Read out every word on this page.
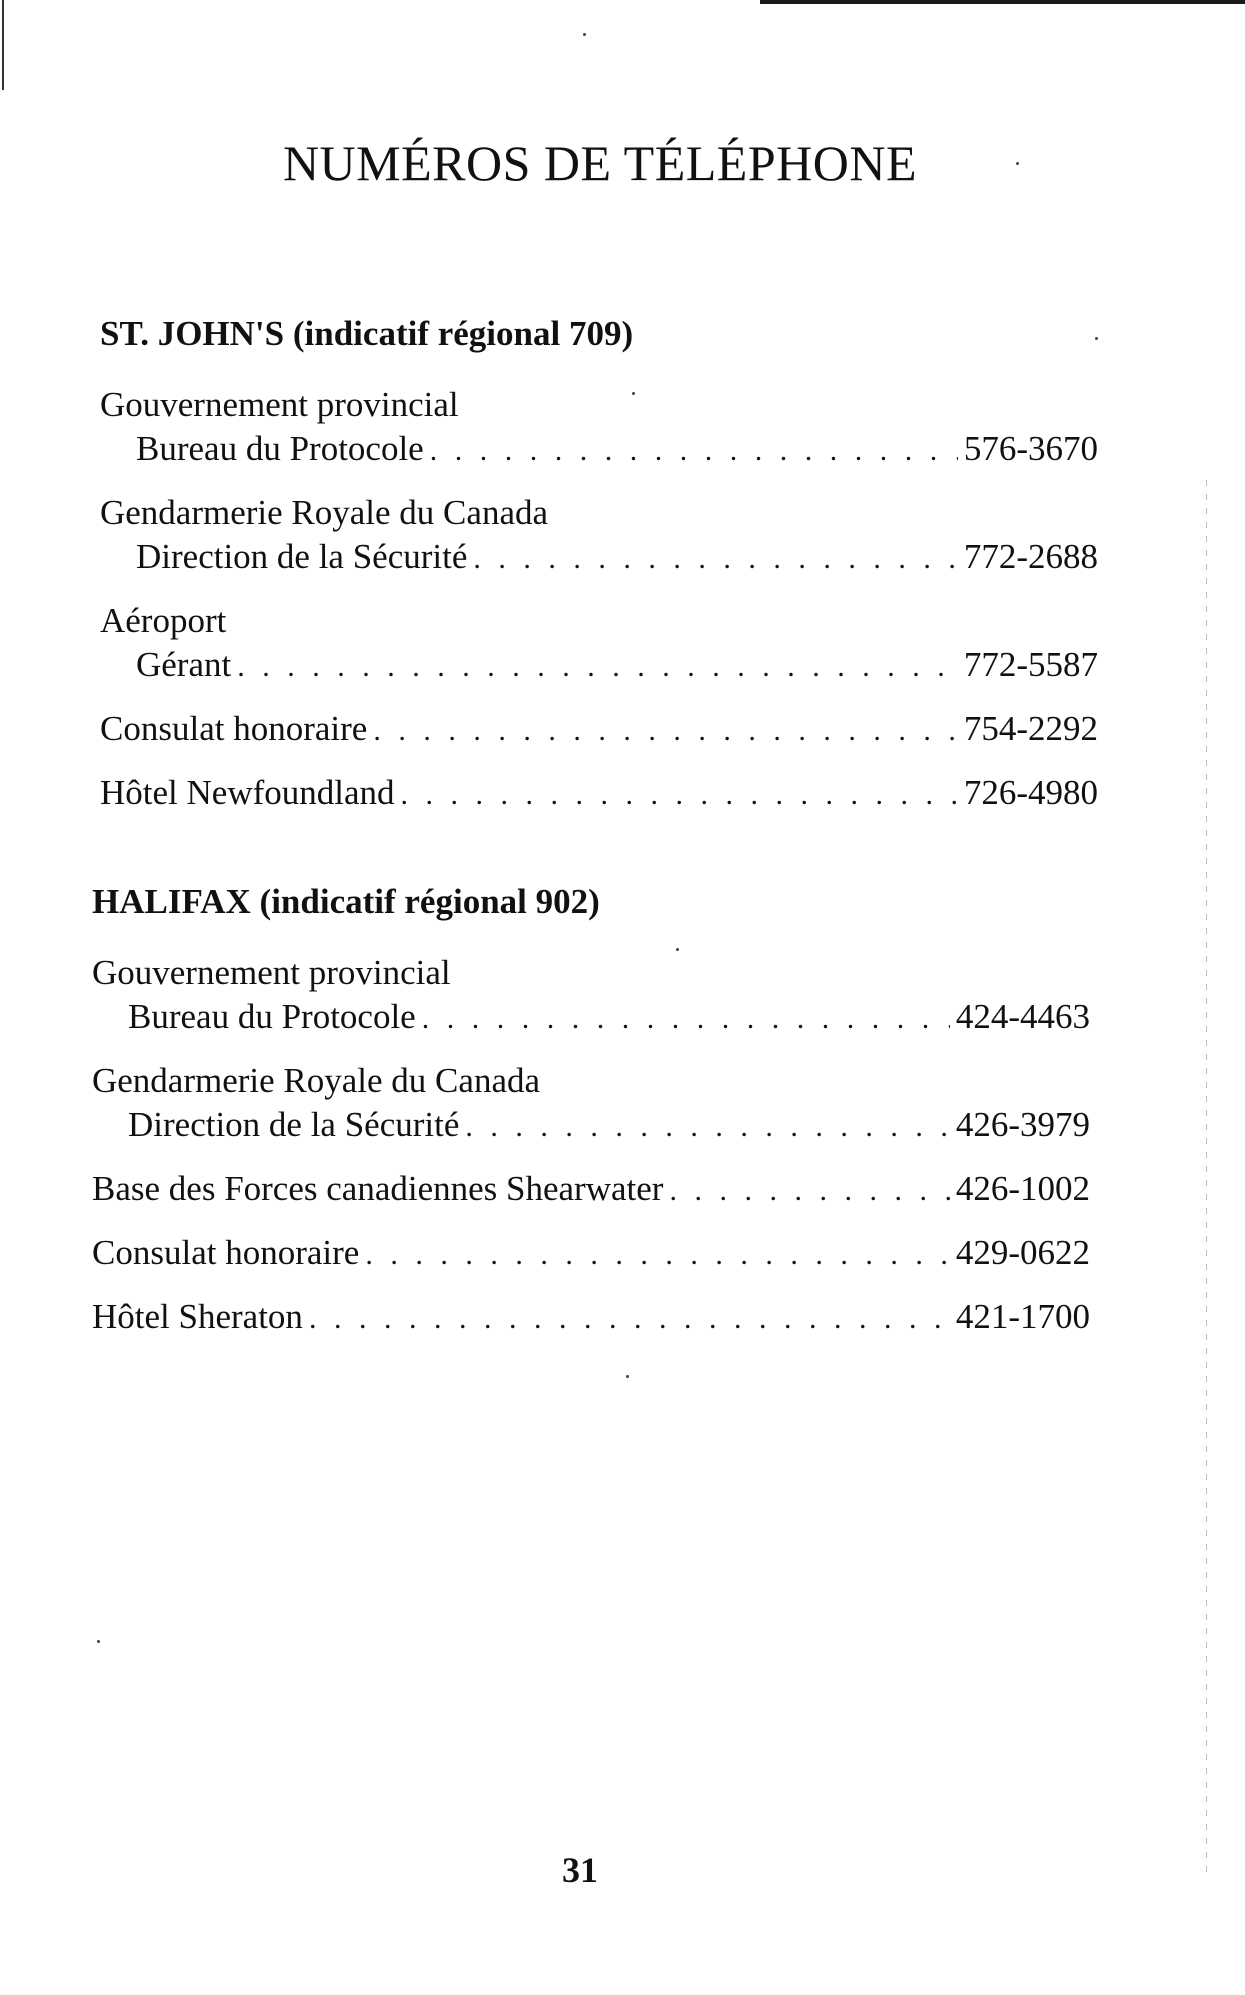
NUMÉROS DE TÉLÉPHONE
ST. JOHN'S (indicatif régional 709)
Gouvernement provincial
Bureau du Protocole . . .	576-3670
Gendarmerie Royale du Canada
Direction de la Sécurité . . .	772-2688
Aéroport
Gérant . . .	772-5587
Consulat honoraire . . .	754-2292
Hôtel Newfoundland . . .	726-4980
HALIFAX (indicatif régional 902)
Gouvernement provincial
Bureau du Protocole . . .	424-4463
Gendarmerie Royale du Canada
Direction de la Sécurité . . .	426-3979
Base des Forces canadiennes Shearwater . . .	426-1002
Consulat honoraire . . .	429-0622
Hôtel Sheraton . . .	421-1700
31
